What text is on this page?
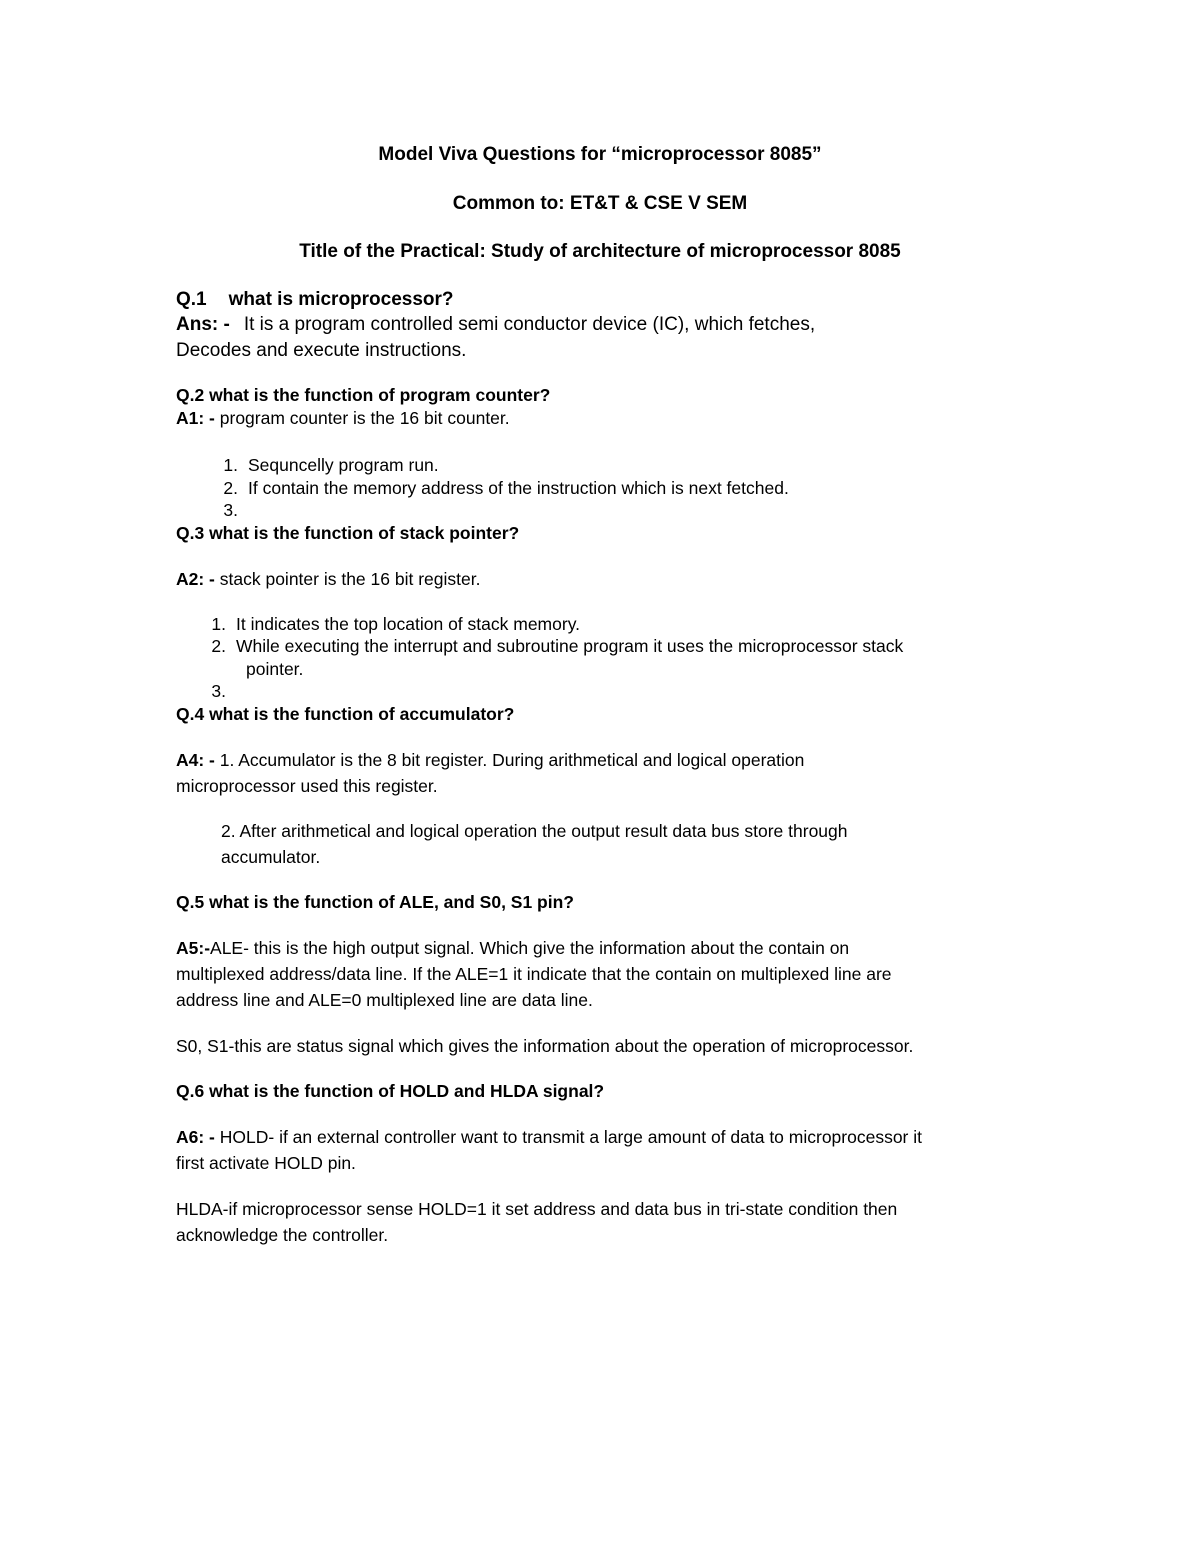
Model Viva Questions for “microprocessor 8085”
Common to: ET&T & CSE V SEM
Title of the Practical: Study of architecture of microprocessor 8085
Q.1 what is microprocessor?
Ans: - It is a program controlled semi conductor device (IC), which fetches,
Decodes and execute instructions.
Q.2 what is the function of program counter?
A1: - program counter is the 16 bit counter.
1. Sequncelly program run.
2. If contain the memory address of the instruction which is next fetched.
3.
Q.3 what is the function of stack pointer?
A2: - stack pointer is the 16 bit register.
1. It indicates the top location of stack memory.
2. While executing the interrupt and subroutine program it uses the microprocessor stack
pointer.
3.
Q.4 what is the function of accumulator?
A4: - 1. Accumulator is the 8 bit register. During arithmetical and logical operation
microprocessor used this register.
2. After arithmetical and logical operation the output result data bus store through
accumulator.
Q.5 what is the function of ALE, and S0, S1 pin?
A5:-ALE- this is the high output signal. Which give the information about the contain on
multiplexed address/data line. If the ALE=1 it indicate that the contain on multiplexed line are
address line and ALE=0 multiplexed line are data line.
S0, S1-this are status signal which gives the information about the operation of microprocessor.
Q.6 what is the function of HOLD and HLDA signal?
A6: - HOLD- if an external controller want to transmit a large amount of data to microprocessor it
first activate HOLD pin.
HLDA-if microprocessor sense HOLD=1 it set address and data bus in tri-state condition then
acknowledge the controller.
